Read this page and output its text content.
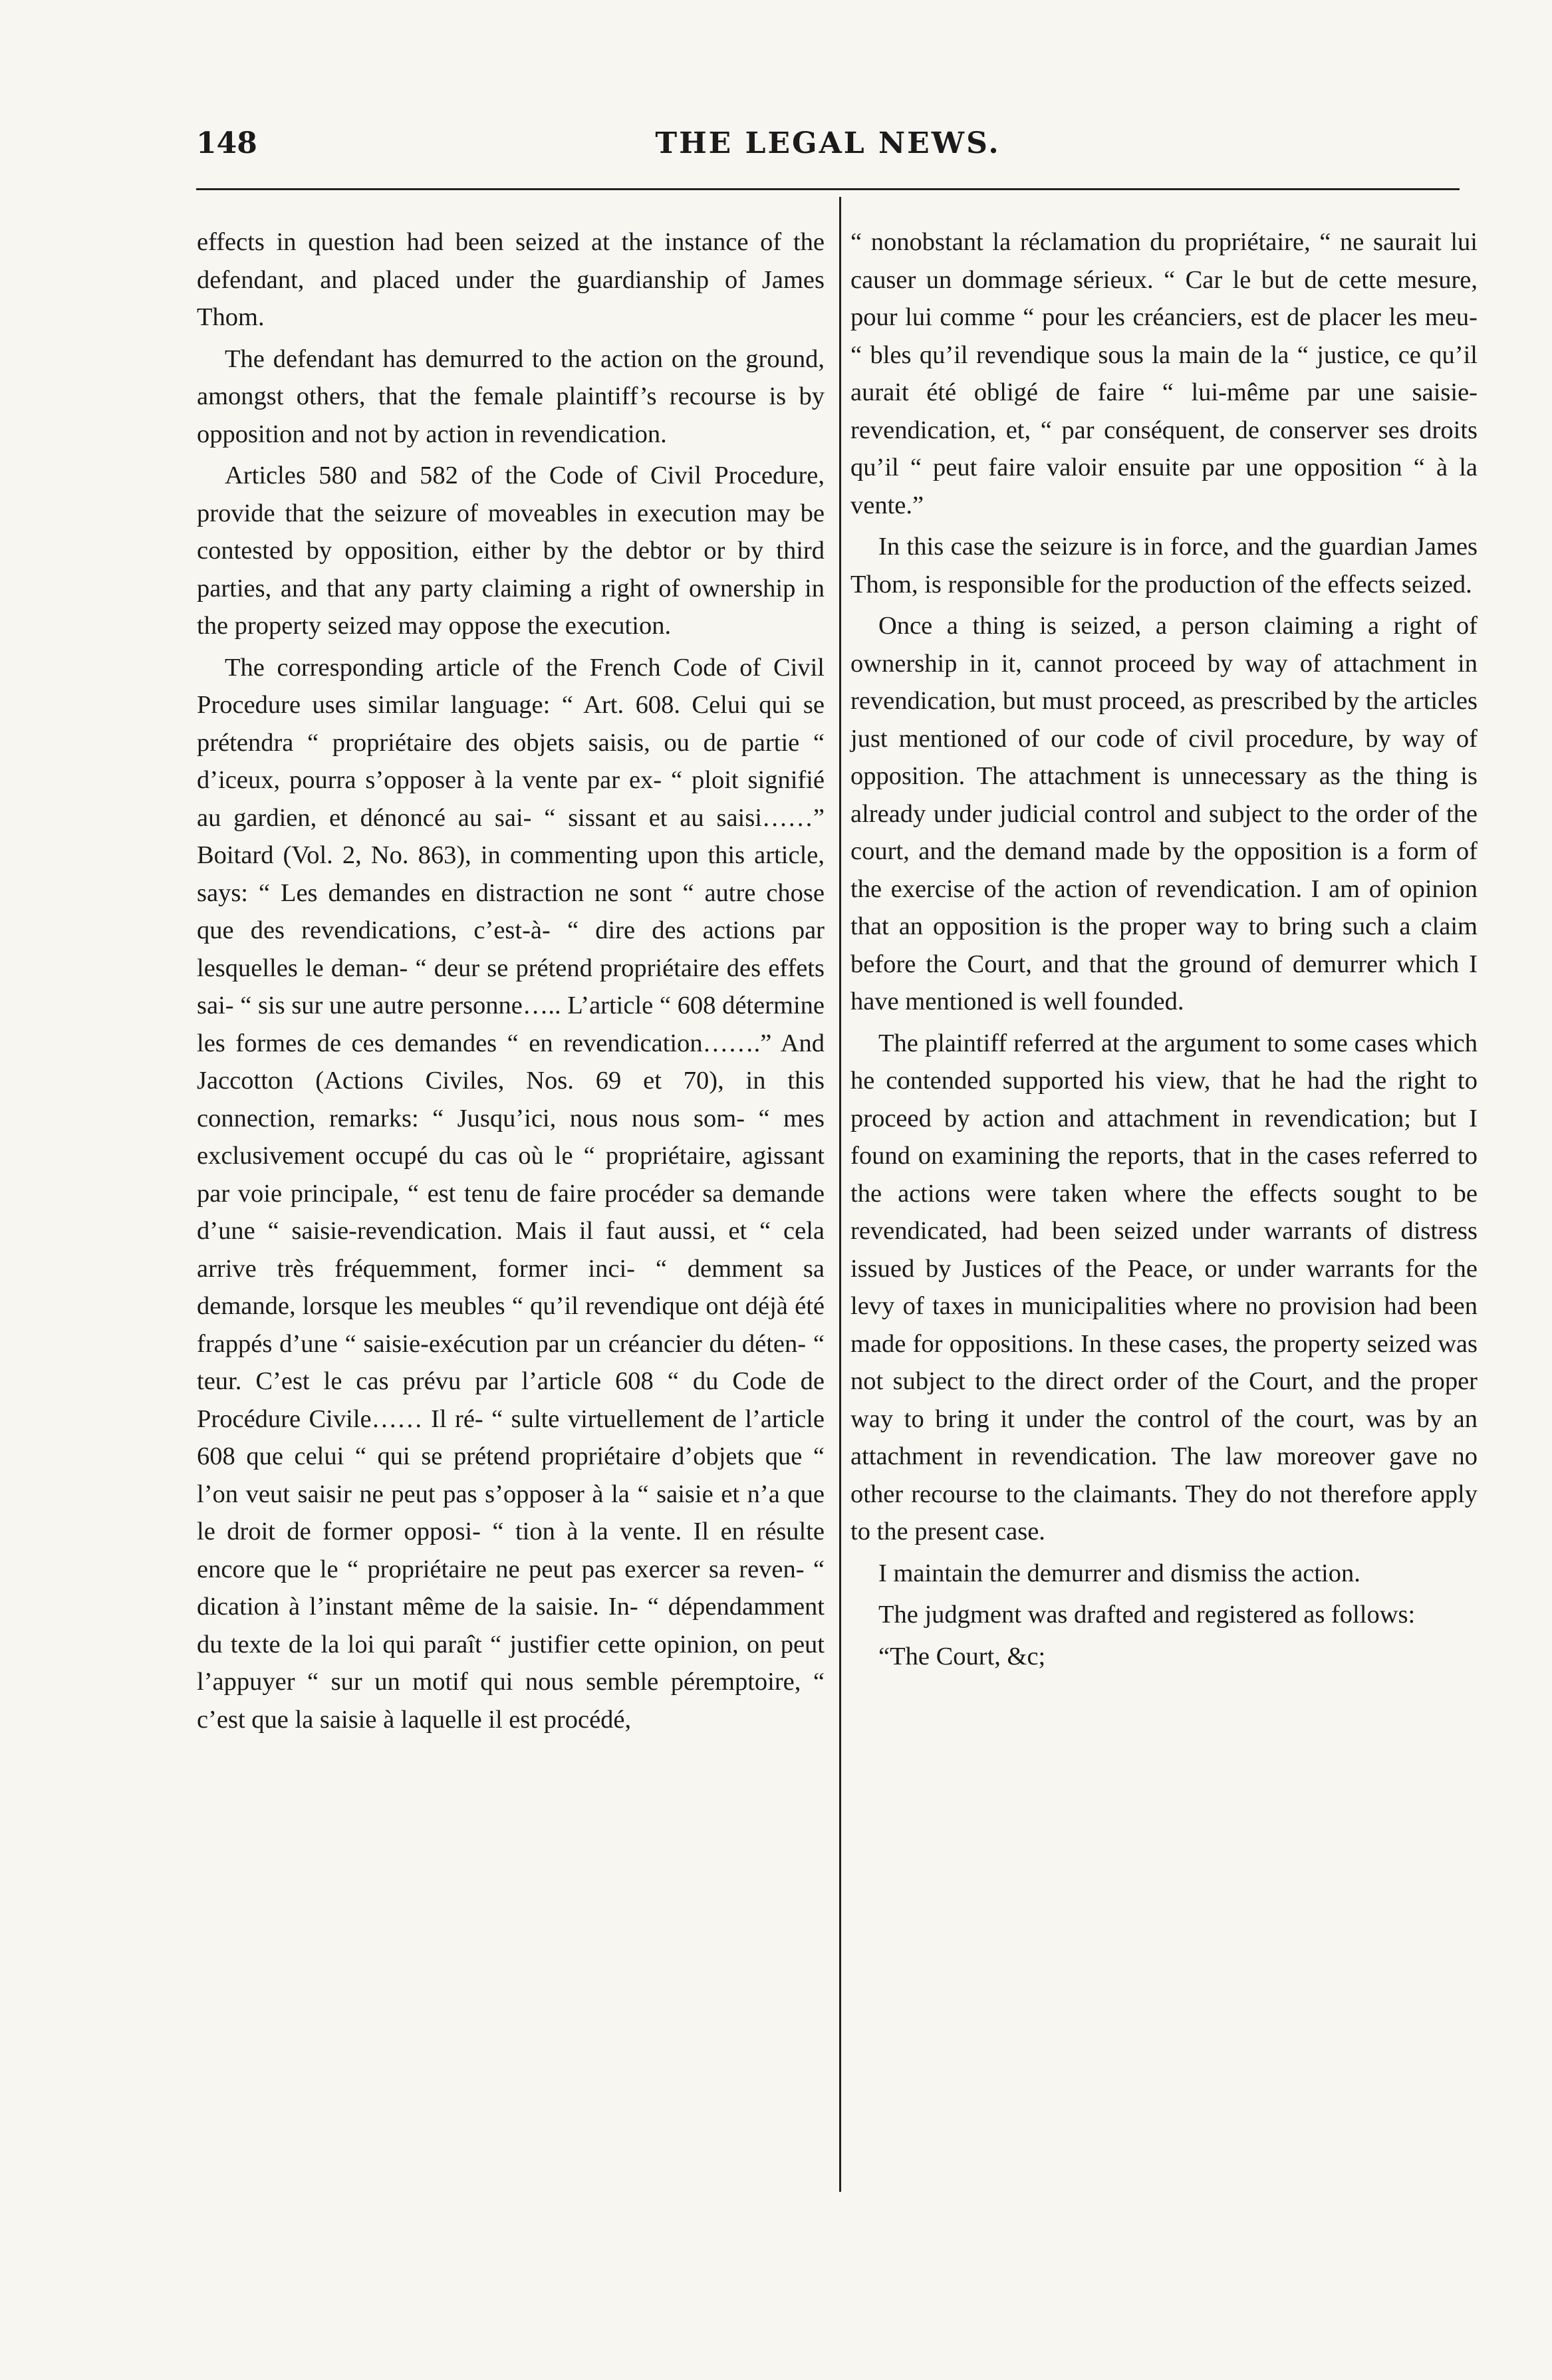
148	THE LEGAL NEWS.

effects in question had been seized at the instance of the defendant, and placed under the guardianship of James Thom.

The defendant has demurred to the action on the ground, amongst others, that the female plaintiff’s recourse is by opposition and not by action in revendication.

Articles 580 and 582 of the Code of Civil Procedure, provide that the seizure of moveables in execution may be contested by opposition, either by the debtor or by third parties, and that any party claiming a right of ownership in the property seized may oppose the execution.

The corresponding article of the French Code of Civil Procedure uses similar language: “ Art. 608. Celui qui se prétendra “ propriétaire des objets saisis, ou de partie “ d’iceux, pourra s’opposer à la vente par ex- “ ploit signifié au gardien, et dénoncé au sai- “ sissant et au saisi……” Boitard (Vol. 2, No. 863), in commenting upon this article, says: “ Les demandes en distraction ne sont “ autre chose que des revendications, c’est-à- “ dire des actions par lesquelles le deman- “ deur se prétend propriétaire des effets sai- “ sis sur une autre personne….. L’article “ 608 détermine les formes de ces demandes “ en revendication…….” And Jaccotton (Actions Civiles, Nos. 69 et 70), in this connection, remarks: “ Jusqu’ici, nous nous som- “ mes exclusivement occupé du cas où le “ propriétaire, agissant par voie principale, “ est tenu de faire procéder sa demande d’une “ saisie-revendication. Mais il faut aussi, et “ cela arrive très fréquemment, former inci- “ demment sa demande, lorsque les meubles “ qu’il revendique ont déjà été frappés d’une “ saisie-exécution par un créancier du déten- “ teur. C’est le cas prévu par l’article 608 “ du Code de Procédure Civile…… Il ré- “ sulte virtuellement de l’article 608 que celui “ qui se prétend propriétaire d’objets que “ l’on veut saisir ne peut pas s’opposer à la “ saisie et n’a que le droit de former opposi- “ tion à la vente. Il en résulte encore que le “ propriétaire ne peut pas exercer sa reven- “ dication à l’instant même de la saisie. In- “ dépendamment du texte de la loi qui paraît “ justifier cette opinion, on peut l’appuyer “ sur un motif qui nous semble péremptoire, “ c’est que la saisie à laquelle il est procédé,

“ nonobstant la réclamation du propriétaire, “ ne saurait lui causer un dommage sérieux. “ Car le but de cette mesure, pour lui comme “ pour les créanciers, est de placer les meu- “ bles qu’il revendique sous la main de la “ justice, ce qu’il aurait été obligé de faire “ lui-même par une saisie-revendication, et, “ par conséquent, de conserver ses droits qu’il “ peut faire valoir ensuite par une opposition “ à la vente.”

In this case the seizure is in force, and the guardian James Thom, is responsible for the production of the effects seized.

Once a thing is seized, a person claiming a right of ownership in it, cannot proceed by way of attachment in revendication, but must proceed, as prescribed by the articles just mentioned of our code of civil procedure, by way of opposition. The attachment is unnecessary as the thing is already under judicial control and subject to the order of the court, and the demand made by the opposition is a form of the exercise of the action of revendication. I am of opinion that an opposition is the proper way to bring such a claim before the Court, and that the ground of demurrer which I have mentioned is well founded.

The plaintiff referred at the argument to some cases which he contended supported his view, that he had the right to proceed by action and attachment in revendication; but I found on examining the reports, that in the cases referred to the actions were taken where the effects sought to be revendicated, had been seized under warrants of distress issued by Justices of the Peace, or under warrants for the levy of taxes in municipalities where no provision had been made for oppositions. In these cases, the property seized was not subject to the direct order of the Court, and the proper way to bring it under the control of the court, was by an attachment in revendication. The law moreover gave no other recourse to the claimants. They do not therefore apply to the present case.

I maintain the demurrer and dismiss the action.

The judgment was drafted and registered as follows:

“The Court, &c;
